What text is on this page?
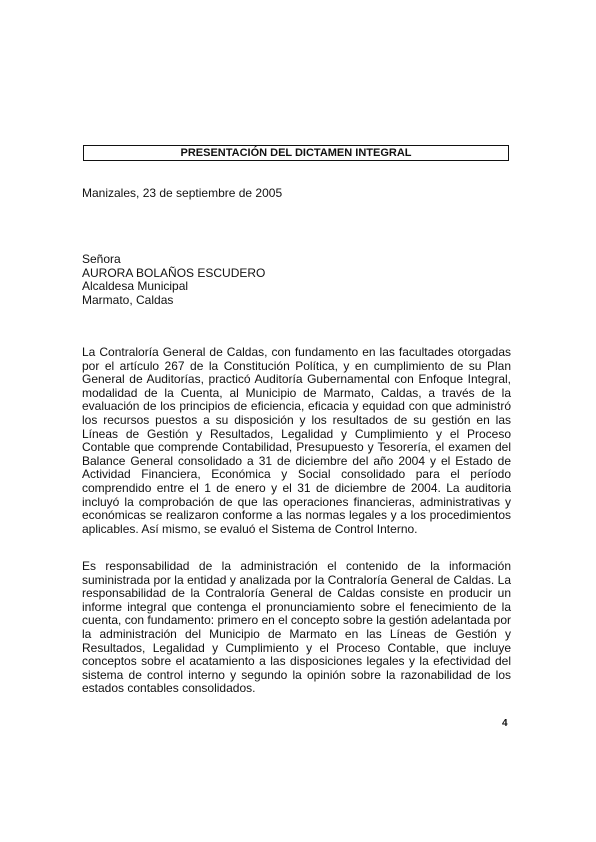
PRESENTACIÓN DEL DICTAMEN INTEGRAL
Manizales, 23 de septiembre de 2005
Señora
AURORA BOLAÑOS ESCUDERO
Alcaldesa Municipal
Marmato, Caldas
La Contraloría General de Caldas, con fundamento en las facultades otorgadas por el artículo 267 de la Constitución Política, y en cumplimiento de su Plan General de Auditorías, practicó Auditoría Gubernamental con Enfoque Integral, modalidad de la Cuenta, al Municipio de Marmato, Caldas, a través de la evaluación de los principios de eficiencia, eficacia y equidad con que administró los recursos puestos a su disposición y los resultados de su gestión en las Líneas de Gestión y Resultados, Legalidad y Cumplimiento y el Proceso Contable que comprende Contabilidad, Presupuesto y Tesorería, el examen del Balance General consolidado a 31 de diciembre del año 2004 y el Estado de Actividad Financiera, Económica y Social consolidado para el período comprendido entre el 1 de enero y el 31 de diciembre de 2004. La auditoria incluyó la comprobación de que las operaciones financieras, administrativas y económicas se realizaron conforme a las normas legales y a los procedimientos aplicables. Así mismo, se evaluó el Sistema de Control Interno.
Es responsabilidad de la administración el contenido de la información suministrada por la entidad y analizada por la Contraloría General de Caldas. La responsabilidad de la Contraloría General de Caldas consiste en producir un informe integral que contenga el pronunciamiento sobre el fenecimiento de la cuenta, con fundamento: primero en el concepto sobre la gestión adelantada por la administración del Municipio de Marmato en las Líneas de Gestión y Resultados, Legalidad y Cumplimiento y el Proceso Contable, que incluye conceptos sobre el acatamiento a las disposiciones legales y la efectividad del sistema de control interno y segundo la opinión sobre la razonabilidad de los estados contables consolidados.
4
